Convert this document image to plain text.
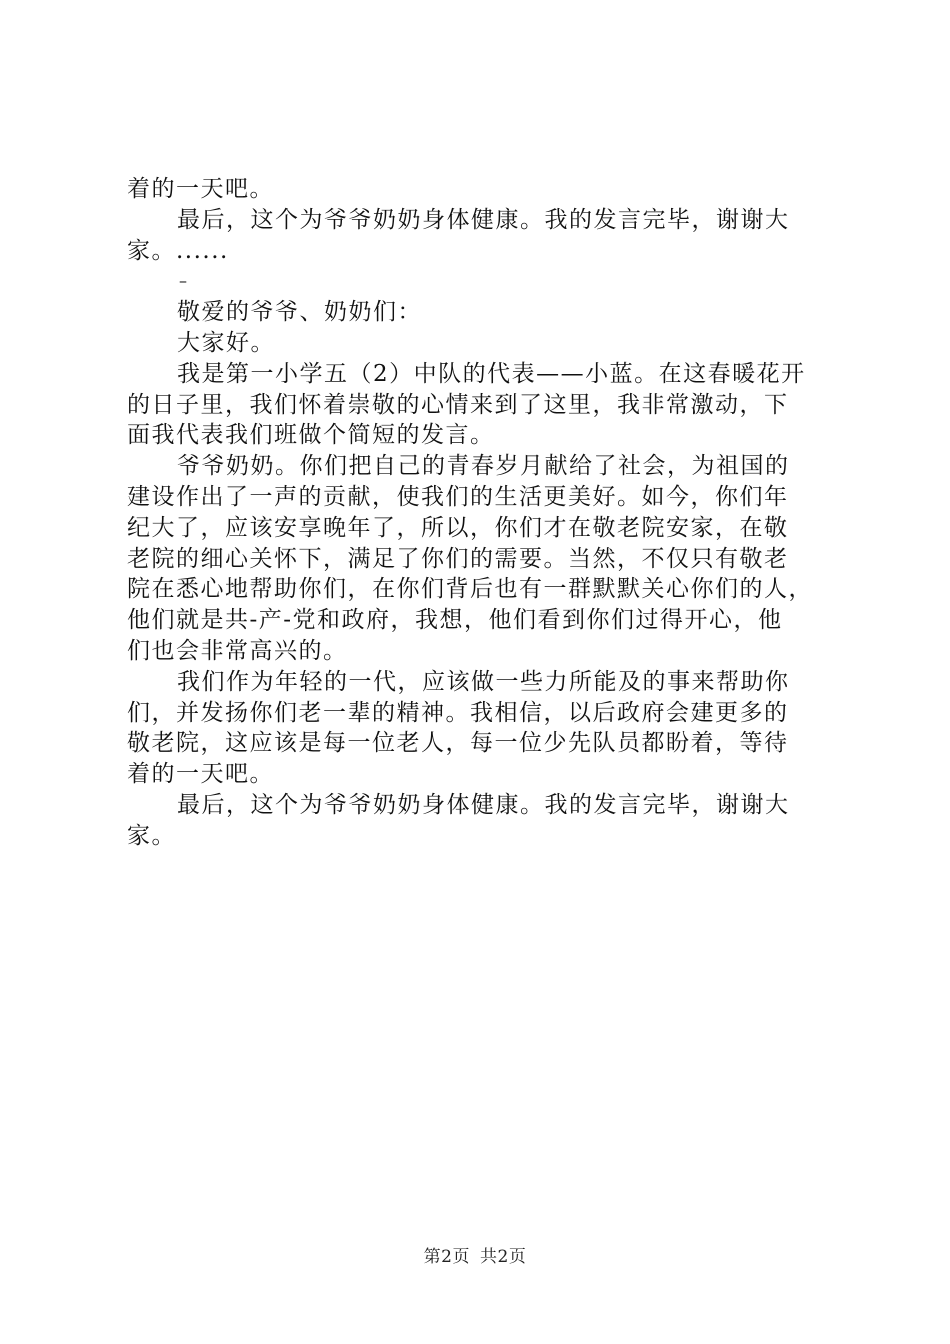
着的一天吧。
最后，这个为爷爷奶奶身体健康。我的发言完毕，谢谢大
家。......
–
敬爱的爷爷、奶奶们：
大家好。
我是第一小学五（2）中队的代表——小蓝。在这春暖花开
的日子里，我们怀着崇敬的心情来到了这里，我非常激动，下
面我代表我们班做个简短的发言。
爷爷奶奶。你们把自己的青春岁月献给了社会，为祖国的
建设作出了一声的贡献，使我们的生活更美好。如今，你们年
纪大了，应该安享晚年了，所以，你们才在敬老院安家，在敬
老院的细心关怀下，满足了你们的需要。当然，不仅只有敬老
院在悉心地帮助你们，在你们背后也有一群默默关心你们的人，
他们就是共-产-党和政府，我想，他们看到你们过得开心，他
们也会非常高兴的。
我们作为年轻的一代，应该做一些力所能及的事来帮助你
们，并发扬你们老一辈的精神。我相信，以后政府会建更多的
敬老院，这应该是每一位老人，每一位少先队员都盼着，等待
着的一天吧。
最后，这个为爷爷奶奶身体健康。我的发言完毕，谢谢大
家。
第2页 共2页
